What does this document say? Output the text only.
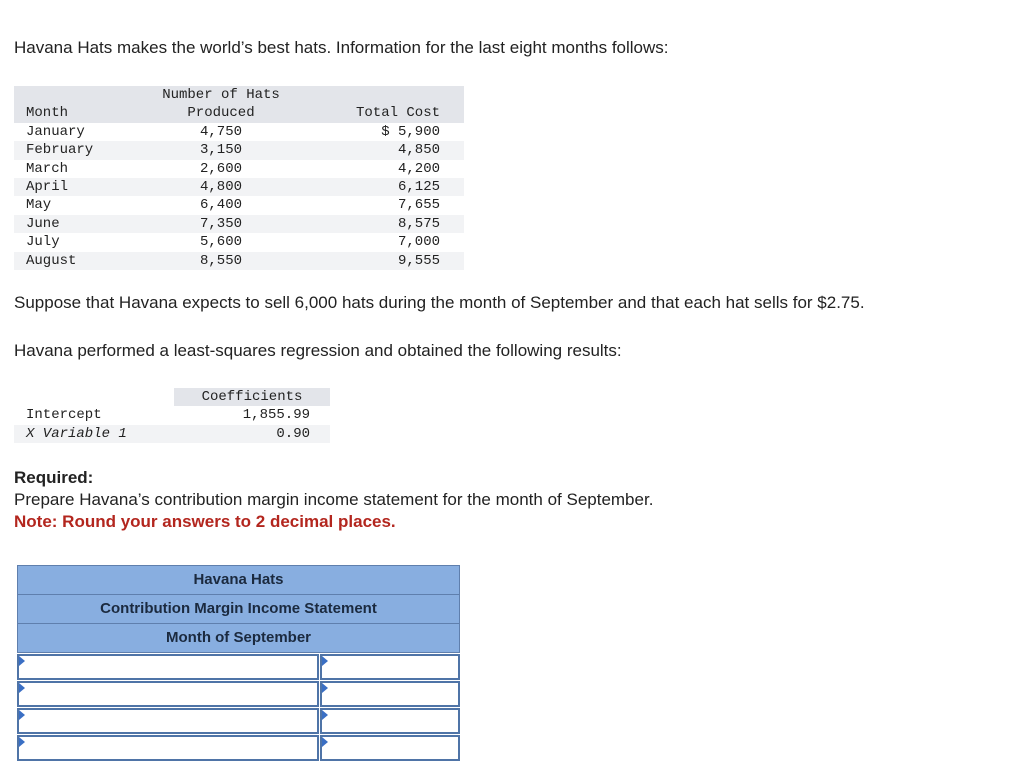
Havana Hats makes the world’s best hats. Information for the last eight months follows:
	Number of Hats	
Month	Produced	Total Cost
January	4,750	$ 5,900
February	3,150	4,850
March	2,600	4,200
April	4,800	6,125
May	6,400	7,655
June	7,350	8,575
July	5,600	7,000
August	8,550	9,555
Suppose that Havana expects to sell 6,000 hats during the month of September and that each hat sells for $2.75.
Havana performed a least-squares regression and obtained the following results:
	Coefficients
Intercept	1,855.99
X Variable 1	0.90
Required:
Prepare Havana’s contribution margin income statement for the month of September.
Note: Round your answers to 2 decimal places.
Havana Hats
Contribution Margin Income Statement
Month of September
